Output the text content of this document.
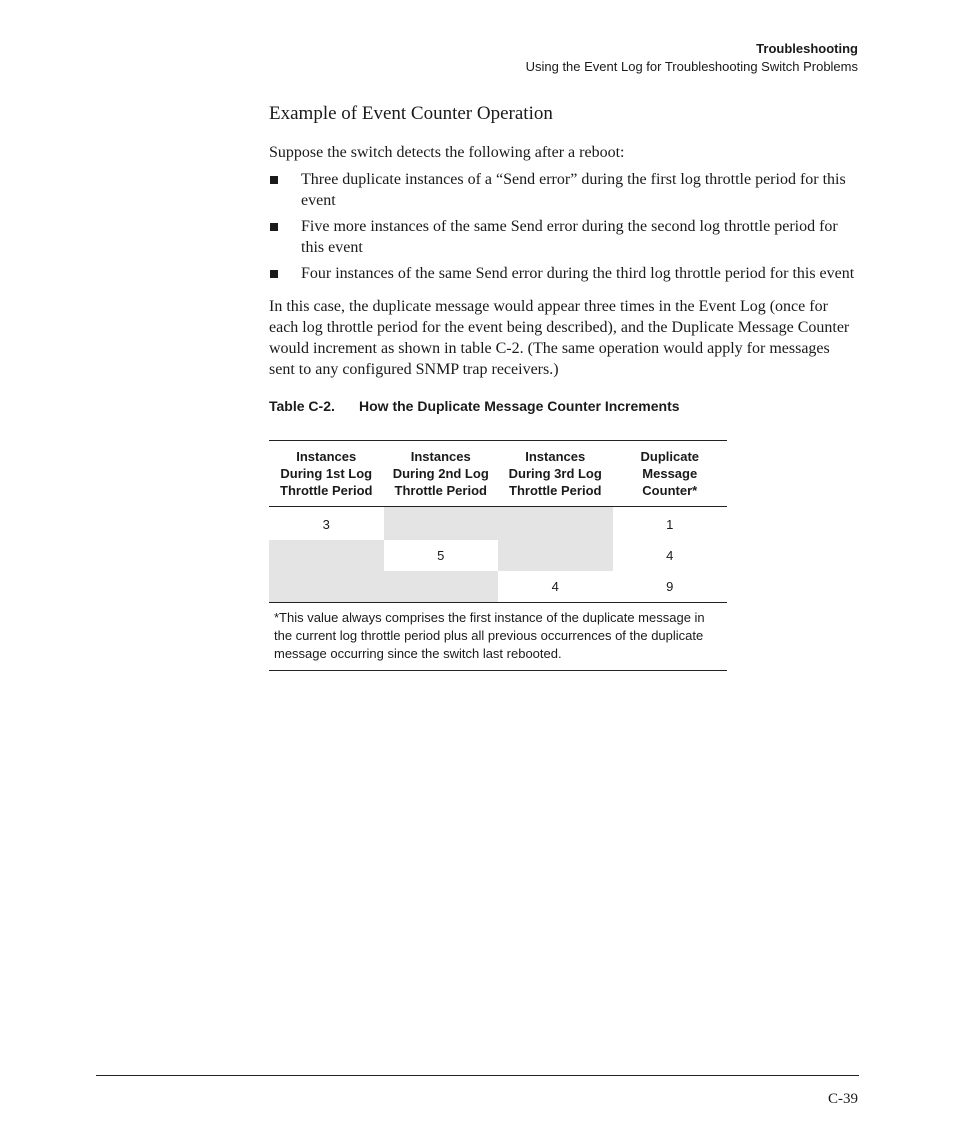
Troubleshooting
Using the Event Log for Troubleshooting Switch Problems
Example of Event Counter Operation

Suppose the switch detects the following after a reboot:

Three duplicate instances of a “Send error” during the first log throttle period for this event
Five more instances of the same Send error during the second log throttle period for this event
Four instances of the same Send error during the third log throttle period for this event

In this case, the duplicate message would appear three times in the Event Log (once for each log throttle period for the event being described), and the Duplicate Message Counter would increment as shown in table C-2. (The same operation would apply for messages sent to any configured SNMP trap receivers.)

Table C-2. How the Duplicate Message Counter Increments
Instances
During 1st Log
Throttle Period	Instances
During 2nd Log
Throttle Period	Instances
During 3rd Log
Throttle Period	Duplicate
Message
Counter*
3			1
	5		4
		4	9
*This value always comprises the first instance of the duplicate message in the current log throttle period plus all previous occurrences of the duplicate message occurring since the switch last rebooted.			
C-39
